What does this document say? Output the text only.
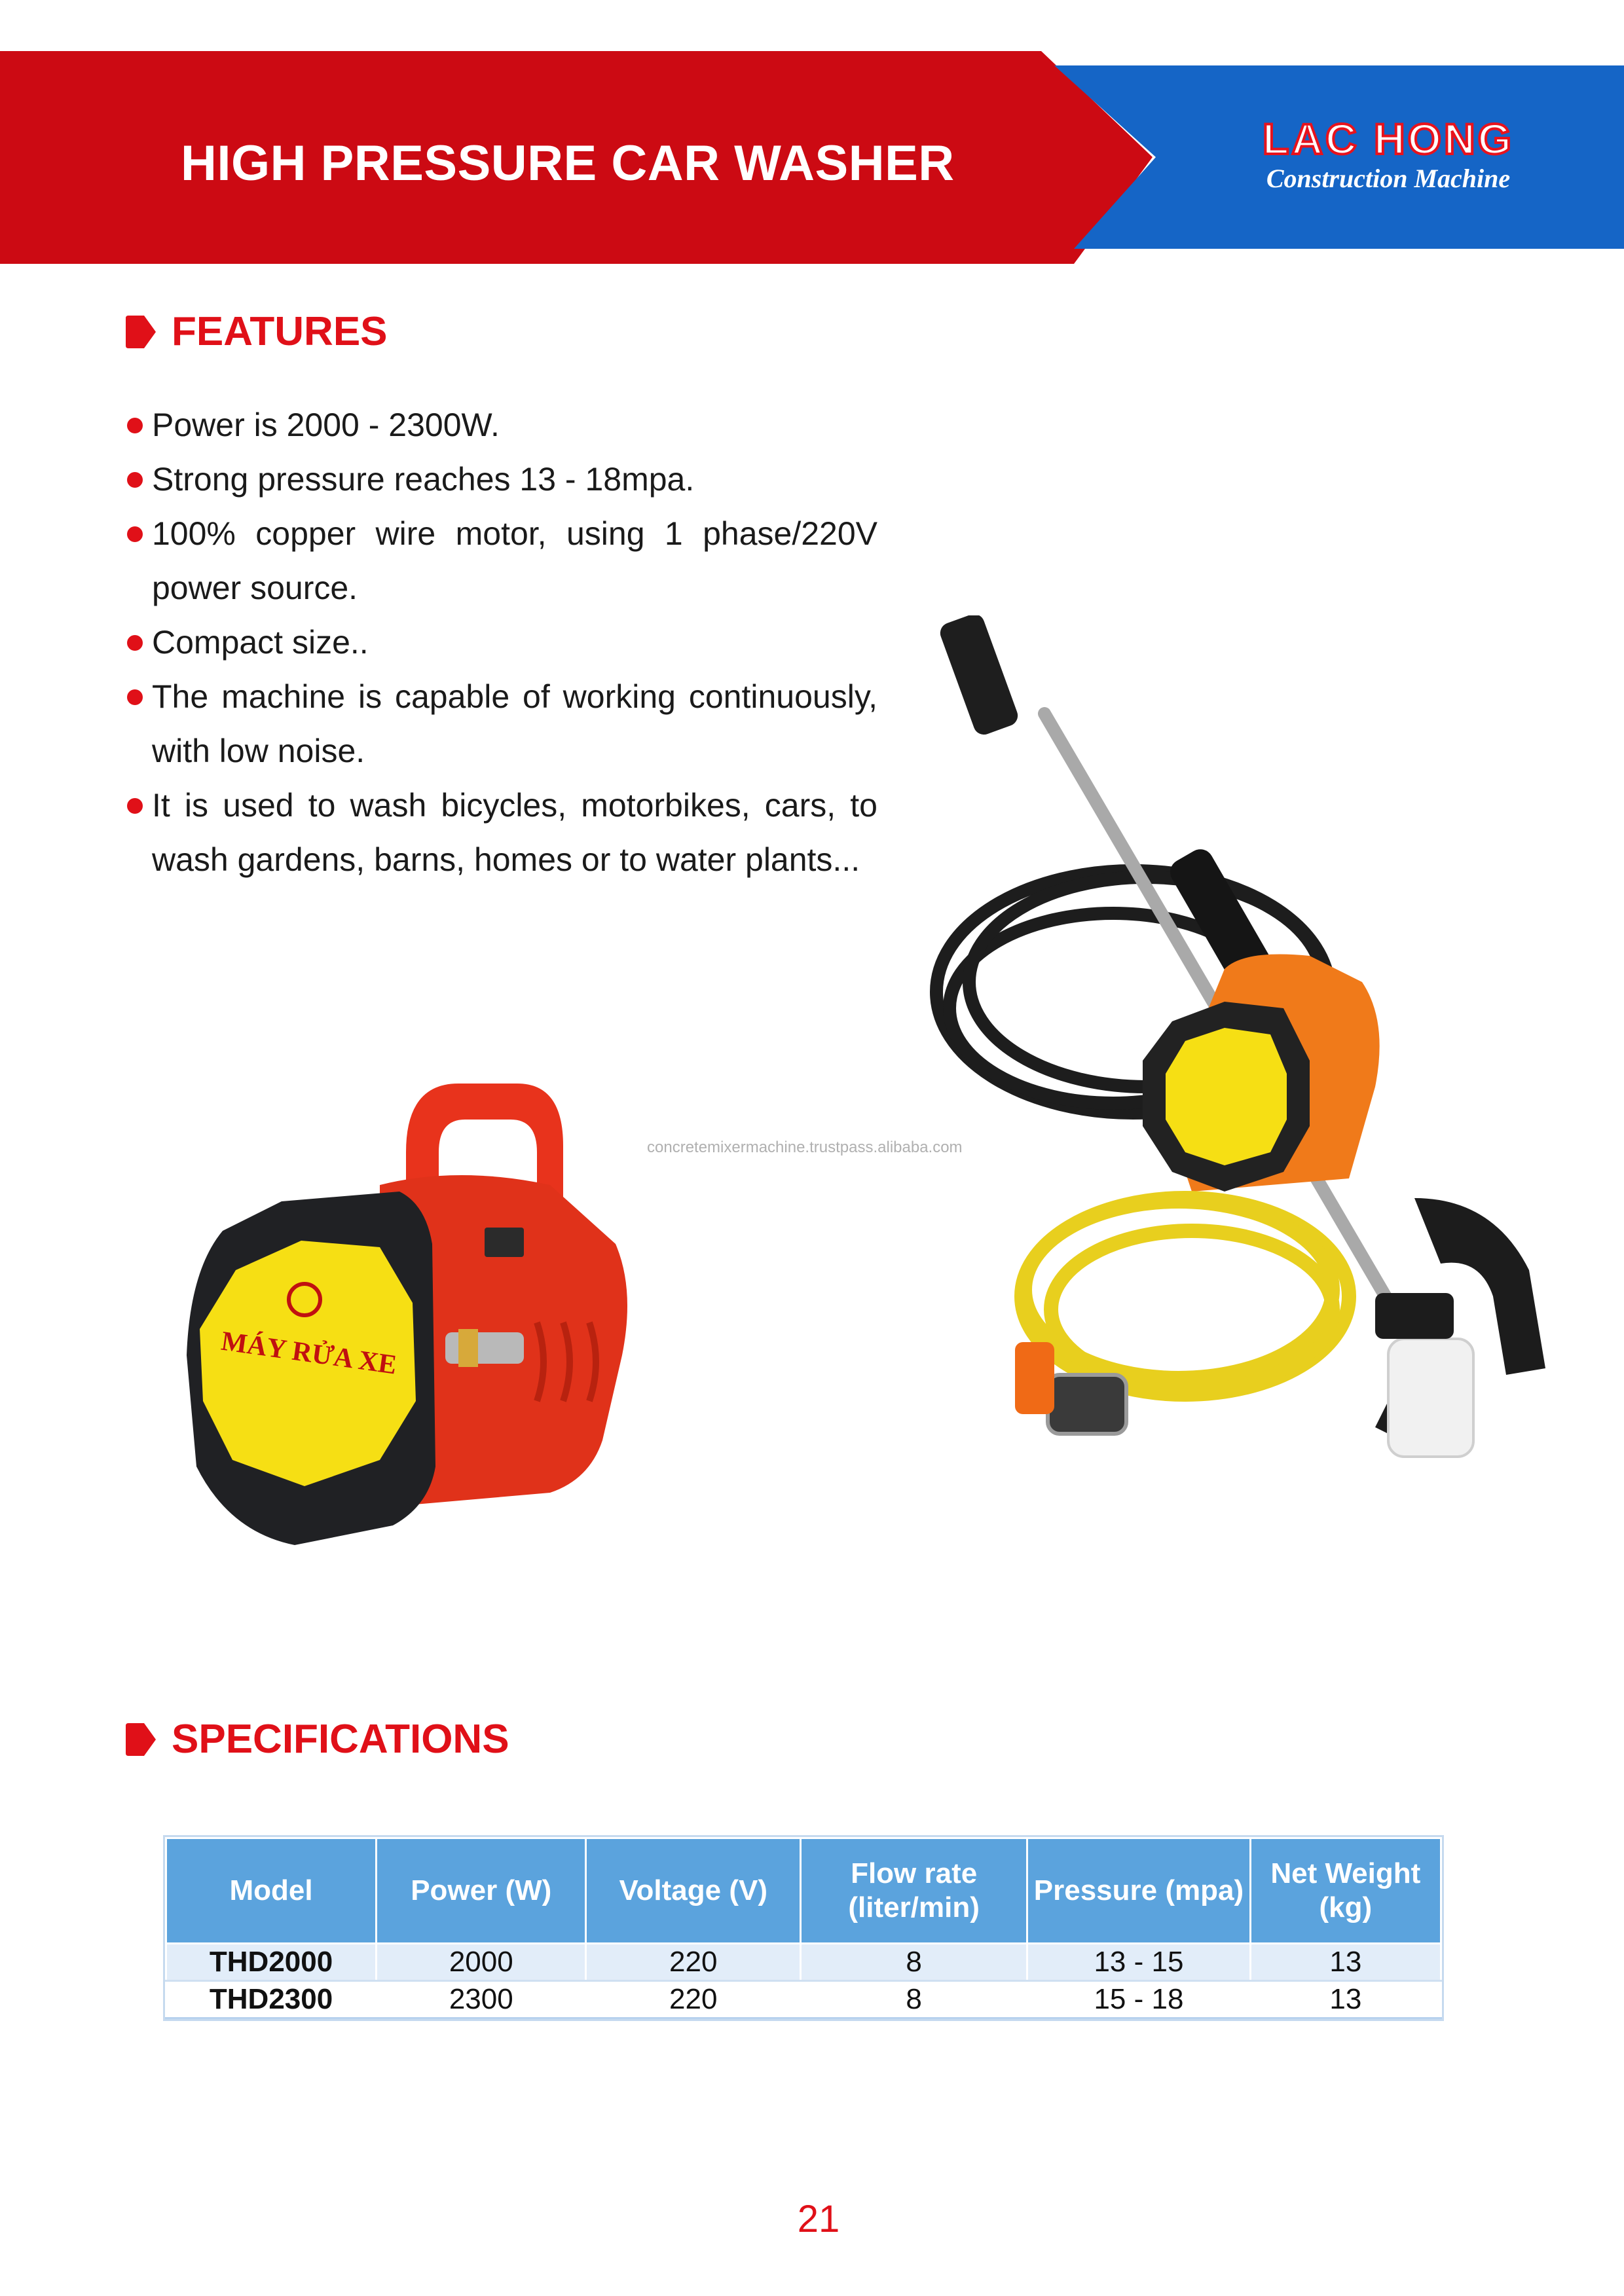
HIGH PRESSURE CAR WASHER	LAC HONG
Construction Machine
FEATURES
Power is 2000 - 2300W.
Strong pressure reaches 13 - 18mpa.
100% copper wire motor, using 1 phase/220V power source.
Compact size..
The machine is capable of working continuously, with low noise.
It is used to wash bicycles, motorbikes, cars, to wash gardens, barns, homes or to water plants...
MÁY RỬA XE
concretemixermachine.trustpass.alibaba.com
SPECIFICATIONS
Model	Power (W)	Voltage (V)	Flow rate (liter/min)	Pressure (mpa)	Net Weight (kg)
THD2000	2000	220	8	13 - 15	13
THD2300	2300	220	8	15 - 18	13
21
